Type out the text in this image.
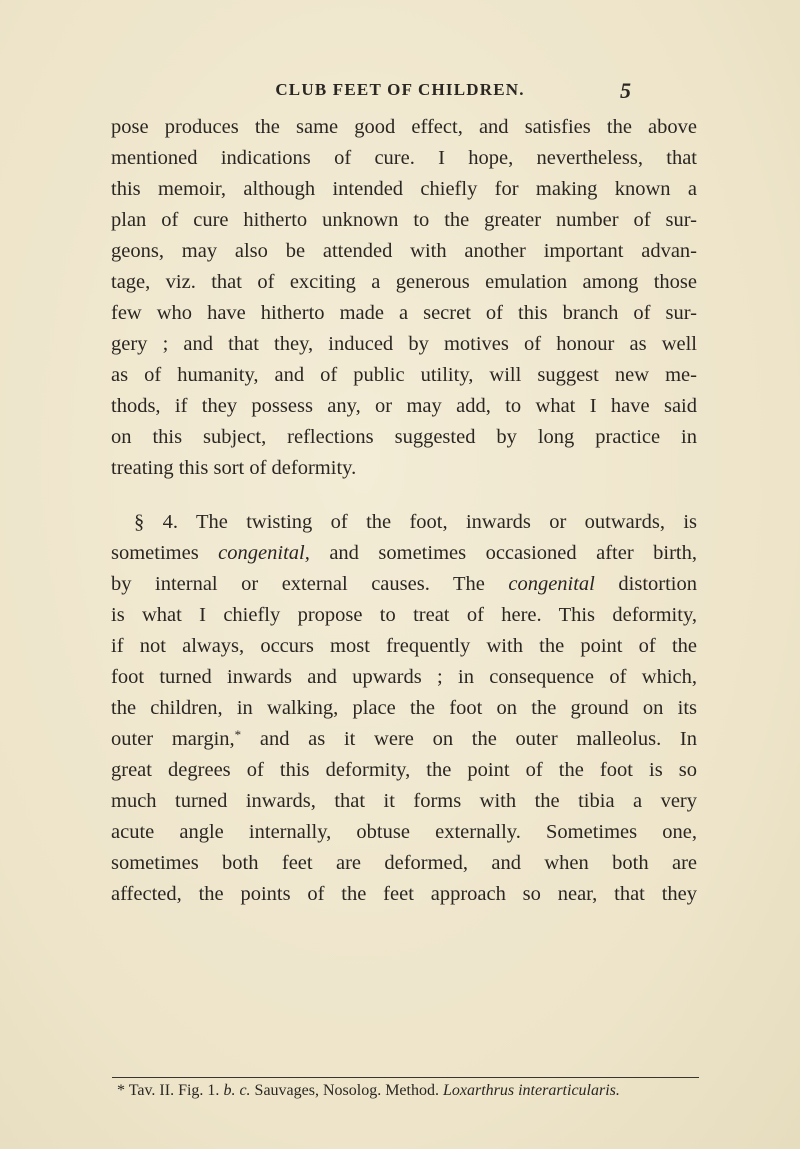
CLUB FEET OF CHILDREN.	5
pose produces the same good effect, and satisfies the above
mentioned indications of cure. I hope, nevertheless, that
this memoir, although intended chiefly for making known a
plan of cure hitherto unknown to the greater number of sur-
geons, may also be attended with another important advan-
tage, viz. that of exciting a generous emulation among those
few who have hitherto made a secret of this branch of sur-
gery ; and that they, induced by motives of honour as well
as of humanity, and of public utility, will suggest new me-
thods, if they possess any, or may add, to what I have said
on this subject, reflections suggested by long practice in
treating this sort of deformity.
§ 4. The twisting of the foot, inwards or outwards, is
sometimes congenital, and sometimes occasioned after birth,
by internal or external causes. The congenital distortion
is what I chiefly propose to treat of here. This deformity,
if not always, occurs most frequently with the point of the
foot turned inwards and upwards ; in consequence of which,
the children, in walking, place the foot on the ground on its
outer margin,* and as it were on the outer malleolus. In
great degrees of this deformity, the point of the foot is so
much turned inwards, that it forms with the tibia a very
acute angle internally, obtuse externally. Sometimes one,
sometimes both feet are deformed, and when both are
affected, the points of the feet approach so near, that they
* Tav. II. Fig. 1. b. c. Sauvages, Nosolog. Method. Loxarthrus interarticularis.
